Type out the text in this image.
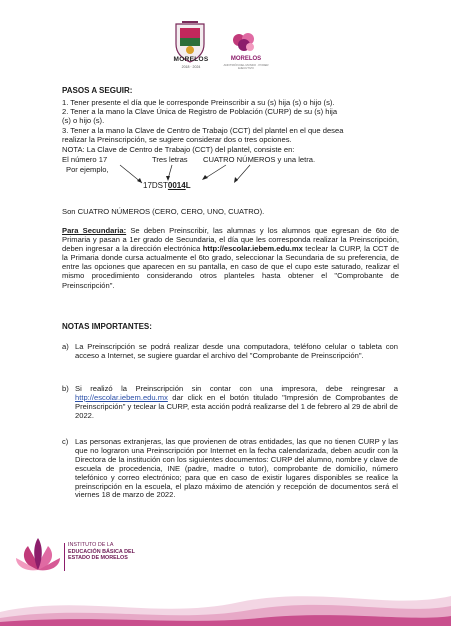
MORELOS
2018 · 2024
MORELOS
ANFITRIÓN DEL MUNDO · PODER EJECUTIVO
PASOS A SEGUIR:
1. Tener presente el día que le corresponde Preinscribir a su (s) hija (s) o hijo (s).
2. Tener a la mano la Clave Única de Registro de Población (CURP) de su (s) hija
(s) o hijo (s).
3. Tener a la mano la Clave de Centro de Trabajo (CCT) del plantel en el que desea
realizar la Preinscripción, se sugiere considerar dos o tres opciones.
NOTA: La Clave de Centro de Trabajo (CCT) del plantel, consiste en:
El número 17	Tres letras CUATRO NÚMEROS y una letra.
Por ejemplo,
17DST0014L
Son CUATRO NÚMEROS (CERO, CERO, UNO, CUATRO).
Para Secundaria: Se deben Preinscribir, las alumnas y los alumnos que egresan de 6to de Primaria y pasan a 1er grado de Secundaria, el día que les corresponda realizar la Preinscripción, deben ingresar a la dirección electrónica http://escolar.iebem.edu.mx teclear la CURP, la CCT de la Primaria donde cursa actualmente el 6to grado, seleccionar la Secundaria de su preferencia, de entre las opciones que aparecen en su pantalla, en caso de que el cupo este saturado, realizar el mismo procedimiento considerando otros planteles hasta obtener el "Comprobante de Preinscripción".
NOTAS IMPORTANTES:
a) La Preinscripción se podrá realizar desde una computadora, teléfono celular o tableta con acceso a Internet, se sugiere guardar el archivo del "Comprobante de Preinscripción".
b) Si realizó la Preinscripción sin contar con una impresora, debe reingresar a http://escolar.iebem.edu.mx dar click en el botón titulado "Impresión de Comprobantes de Preinscripción" y teclear la CURP, esta acción podrá realizarse del 1 de febrero al 29 de abril de 2022.
c) Las personas extranjeras, las que provienen de otras entidades, las que no tienen CURP y las que no lograron una Preinscripción por Internet en la fecha calendarizada, deben acudir con la Directora de la institución con los siguientes documentos: CURP del alumno, nombre y clave de escuela de procedencia, INE (padre, madre o tutor), comprobante de domicilio, número telefónico y correo electrónico; para que en caso de existir lugares disponibles se realice la preinscripción en la escuela, el plazo máximo de atención y recepción de documentos será el viernes 18 de marzo de 2022.
INSTITUTO DE LA
EDUCACIÓN BÁSICA DEL
ESTADO DE MORELOS
